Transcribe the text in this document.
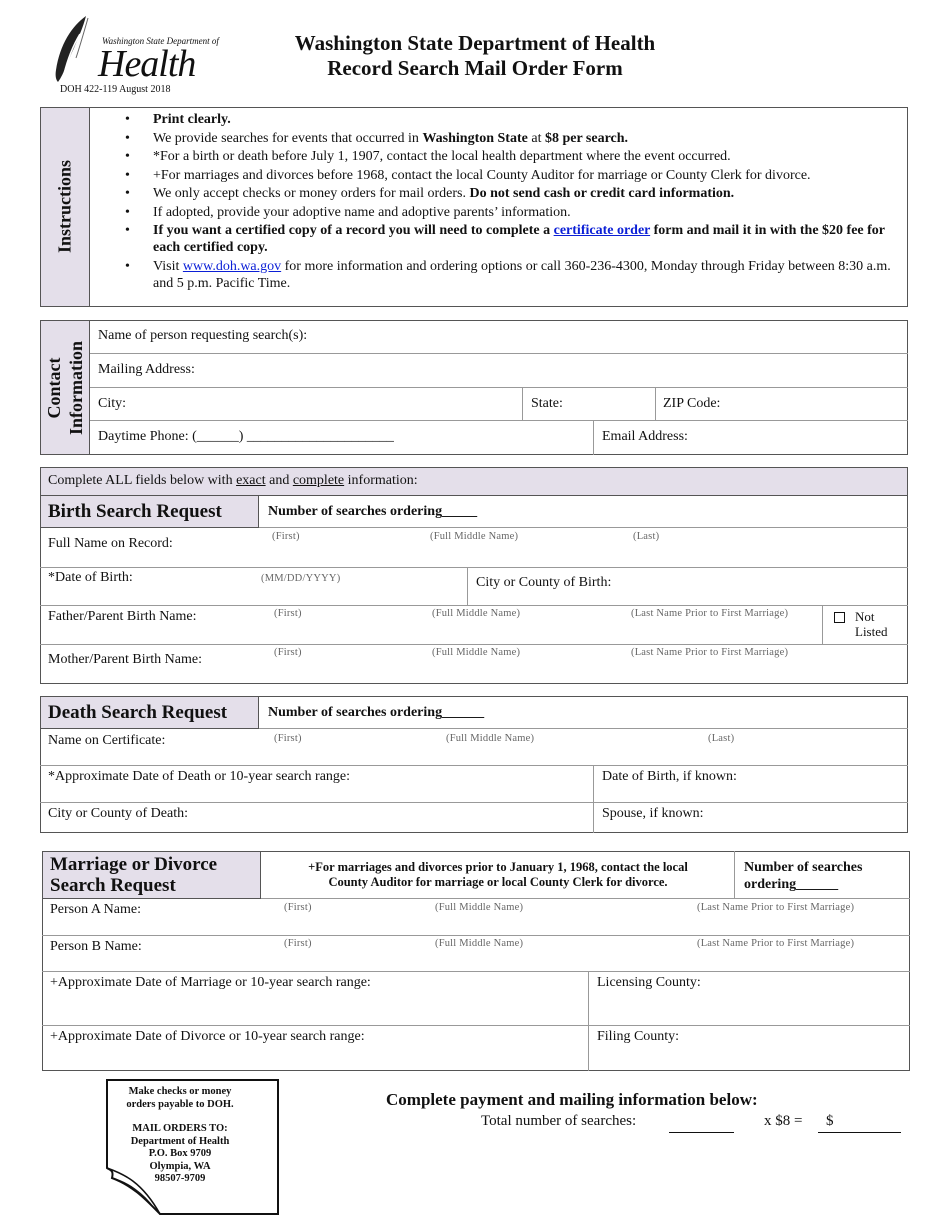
Washington State Department of
Health
DOH 422-119 August 2018
Washington State Department of Health
Record Search Mail Order Form
Instructions
• Print clearly.
• We provide searches for events that occurred in Washington State at $8 per search.
• *For a birth or death before July 1, 1907, contact the local health department where the event occurred.
• +For marriages and divorces before 1968, contact the local County Auditor for marriage or County Clerk for divorce.
• We only accept checks or money orders for mail orders. Do not send cash or credit card information.
• If adopted, provide your adoptive name and adoptive parents’ information.
• If you want a certified copy of a record you will need to complete a certificate order form and mail it in with the $20 fee for each certified copy.
• Visit www.doh.wa.gov for more information and ordering options or call 360-236-4300, Monday through Friday between 8:30 a.m. and 5 p.m. Pacific Time.
Contact Information
Name of person requesting search(s):
Mailing Address:
City:	State:	ZIP Code:
Daytime Phone: (______) _____________________	Email Address:
Complete ALL fields below with exact and complete information:
Birth Search Request	Number of searches ordering_____
Full Name on Record:	(First)	(Full Middle Name)	(Last)
*Date of Birth:	(MM/DD/YYYY)	City or County of Birth:
Father/Parent Birth Name:	(First)	(Full Middle Name)	(Last Name Prior to First Marriage)	Not
Listed
Mother/Parent Birth Name:	(First)	(Full Middle Name)	(Last Name Prior to First Marriage)
Death Search Request	Number of searches ordering______
Name on Certificate:	(First)	(Full Middle Name)	(Last)
*Approximate Date of Death or 10-year search range:	Date of Birth, if known:
City or County of Death:	Spouse, if known:
Marriage or Divorce
Search Request
+For marriages and divorces prior to January 1, 1968, contact the local
County Auditor for marriage or local County Clerk for divorce.
Number of searches
ordering______
Person A Name:	(First)	(Full Middle Name)	(Last Name Prior to First Marriage)
Person B Name:	(First)	(Full Middle Name)	(Last Name Prior to First Marriage)
+Approximate Date of Marriage or 10-year search range:	Licensing County:
+Approximate Date of Divorce or 10-year search range:	Filing County:
Make checks or money
orders payable to DOH.
MAIL ORDERS TO:
Department of Health
P.O. Box 9709
Olympia, WA
98507-9709
Complete payment and mailing information below:
Total number of searches:	x $8 = $
